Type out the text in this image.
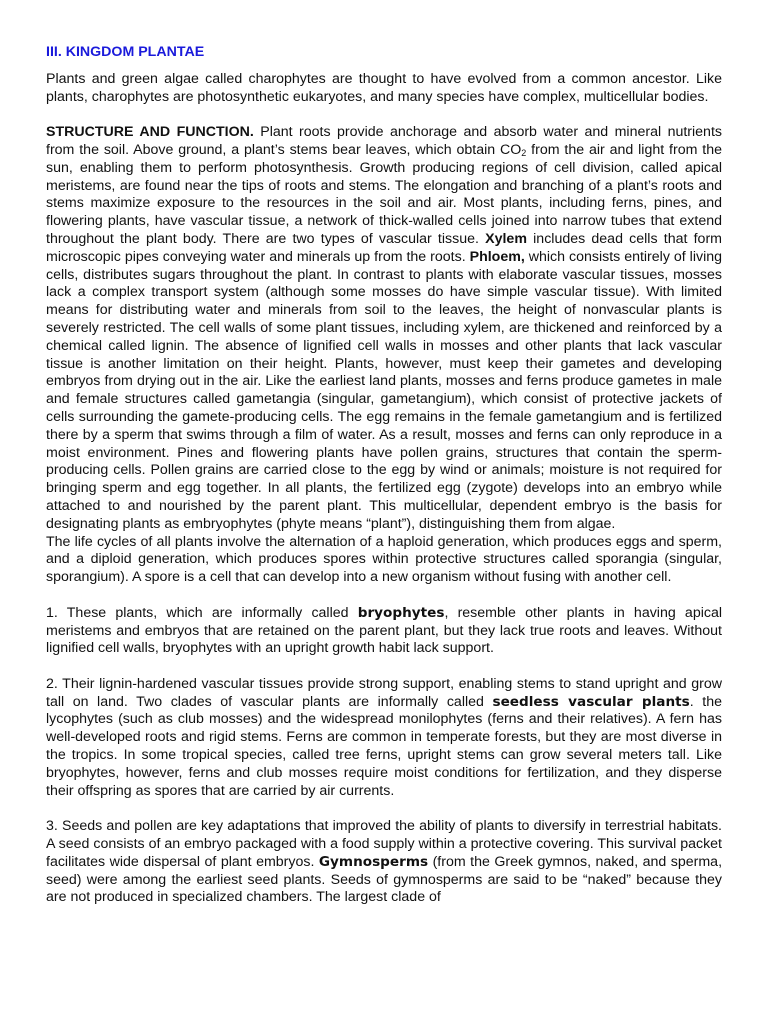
III. KINGDOM PLANTAE

Plants and green algae called charophytes are thought to have evolved from a common ancestor. Like plants, charophytes are photosynthetic eukaryotes, and many species have complex, multicellular bodies.

STRUCTURE AND FUNCTION. Plant roots provide anchorage and absorb water and mineral nutrients from the soil. Above ground, a plant’s stems bear leaves, which obtain $CO_2$ from the air and light from the sun, enabling them to perform photosynthesis. Growth producing regions of cell division, called apical meristems, are found near the tips of roots and stems. The elongation and branching of a plant’s roots and stems maximize exposure to the resources in the soil and air. Most plants, including ferns, pines, and flowering plants, have vascular tissue, a network of thick-walled cells joined into narrow tubes that extend throughout the plant body. There are two types of vascular tissue. Xylem includes dead cells that form microscopic pipes conveying water and minerals up from the roots. Phloem, which consists entirely of living cells, distributes sugars throughout the plant. In contrast to plants with elaborate vascular tissues, mosses lack a complex transport system (although some mosses do have simple vascular tissue). With limited means for distributing water and minerals from soil to the leaves, the height of nonvascular plants is severely restricted. The cell walls of some plant tissues, including xylem, are thickened and reinforced by a chemical called lignin. The absence of lignified cell walls in mosses and other plants that lack vascular tissue is another limitation on their height. Plants, however, must keep their gametes and developing embryos from drying out in the air. Like the earliest land plants, mosses and ferns produce gametes in male and female structures called gametangia (singular, gametangium), which consist of protective jackets of cells surrounding the gamete-producing cells. The egg remains in the female gametangium and is fertilized there by a sperm that swims through a film of water. As a result, mosses and ferns can only reproduce in a moist environment. Pines and flowering plants have pollen grains, structures that contain the sperm-producing cells. Pollen grains are carried close to the egg by wind or animals; moisture is not required for bringing sperm and egg together. In all plants, the fertilized egg (zygote) develops into an embryo while attached to and nourished by the parent plant. This multicellular, dependent embryo is the basis for designating plants as embryophytes (phyte means “plant”), distinguishing them from algae.

The life cycles of all plants involve the alternation of a haploid generation, which produces eggs and sperm, and a diploid generation, which produces spores within protective structures called sporangia (singular, sporangium). A spore is a cell that can develop into a new organism without fusing with another cell.

1. These plants, which are informally called bryophytes, resemble other plants in having apical meristems and embryos that are retained on the parent plant, but they lack true roots and leaves. Without lignified cell walls, bryophytes with an upright growth habit lack support.

2. Their lignin-hardened vascular tissues provide strong support, enabling stems to stand upright and grow tall on land. Two clades of vascular plants are informally called seedless vascular plants. the lycophytes (such as club mosses) and the widespread monilophytes (ferns and their relatives). A fern has well-developed roots and rigid stems. Ferns are common in temperate forests, but they are most diverse in the tropics. In some tropical species, called tree ferns, upright stems can grow several meters tall. Like bryophytes, however, ferns and club mosses require moist conditions for fertilization, and they disperse their offspring as spores that are carried by air currents.

3. Seeds and pollen are key adaptations that improved the ability of plants to diversify in terrestrial habitats. A seed consists of an embryo packaged with a food supply within a protective covering. This survival packet facilitates wide dispersal of plant embryos. Gymnosperms (from the Greek gymnos, naked, and sperma, seed) were among the earliest seed plants. Seeds of gymnosperms are said to be “naked” because they are not produced in specialized chambers. The largest clade of
